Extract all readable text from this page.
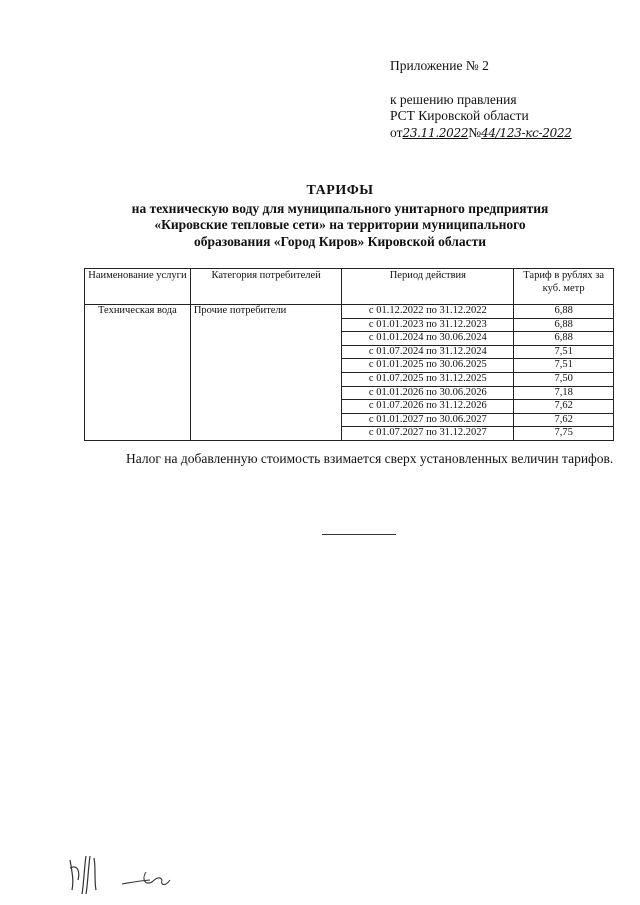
Приложение № 2
к решению правления
РСТ Кировской области
от23.11.2022№44/123-кс-2022
ТАРИФЫ
на техническую воду для муниципального унитарного предприятия
«Кировские тепловые сети» на территории муниципального
образования «Город Киров» Кировской области
Наименование услуги	Категория потребителей	Период действия	Тариф в рублях за куб. метр
Техническая вода	Прочие потребители	с 01.12.2022 по 31.12.2022	6,88
		с 01.01.2023 по 31.12.2023	6,88
		с 01.01.2024 по 30.06.2024	6,88
		с 01.07.2024 по 31.12.2024	7,51
		с 01.01.2025 по 30.06.2025	7,51
		с 01.07.2025 по 31.12.2025	7,50
		с 01.01.2026 по 30.06.2026	7,18
		с 01.07.2026 по 31.12.2026	7,62
		с 01.01.2027 по 30.06.2027	7,62
		с 01.07.2027 по 31.12.2027	7,75
Налог на добавленную стоимость взимается сверх установленных величин тарифов.
